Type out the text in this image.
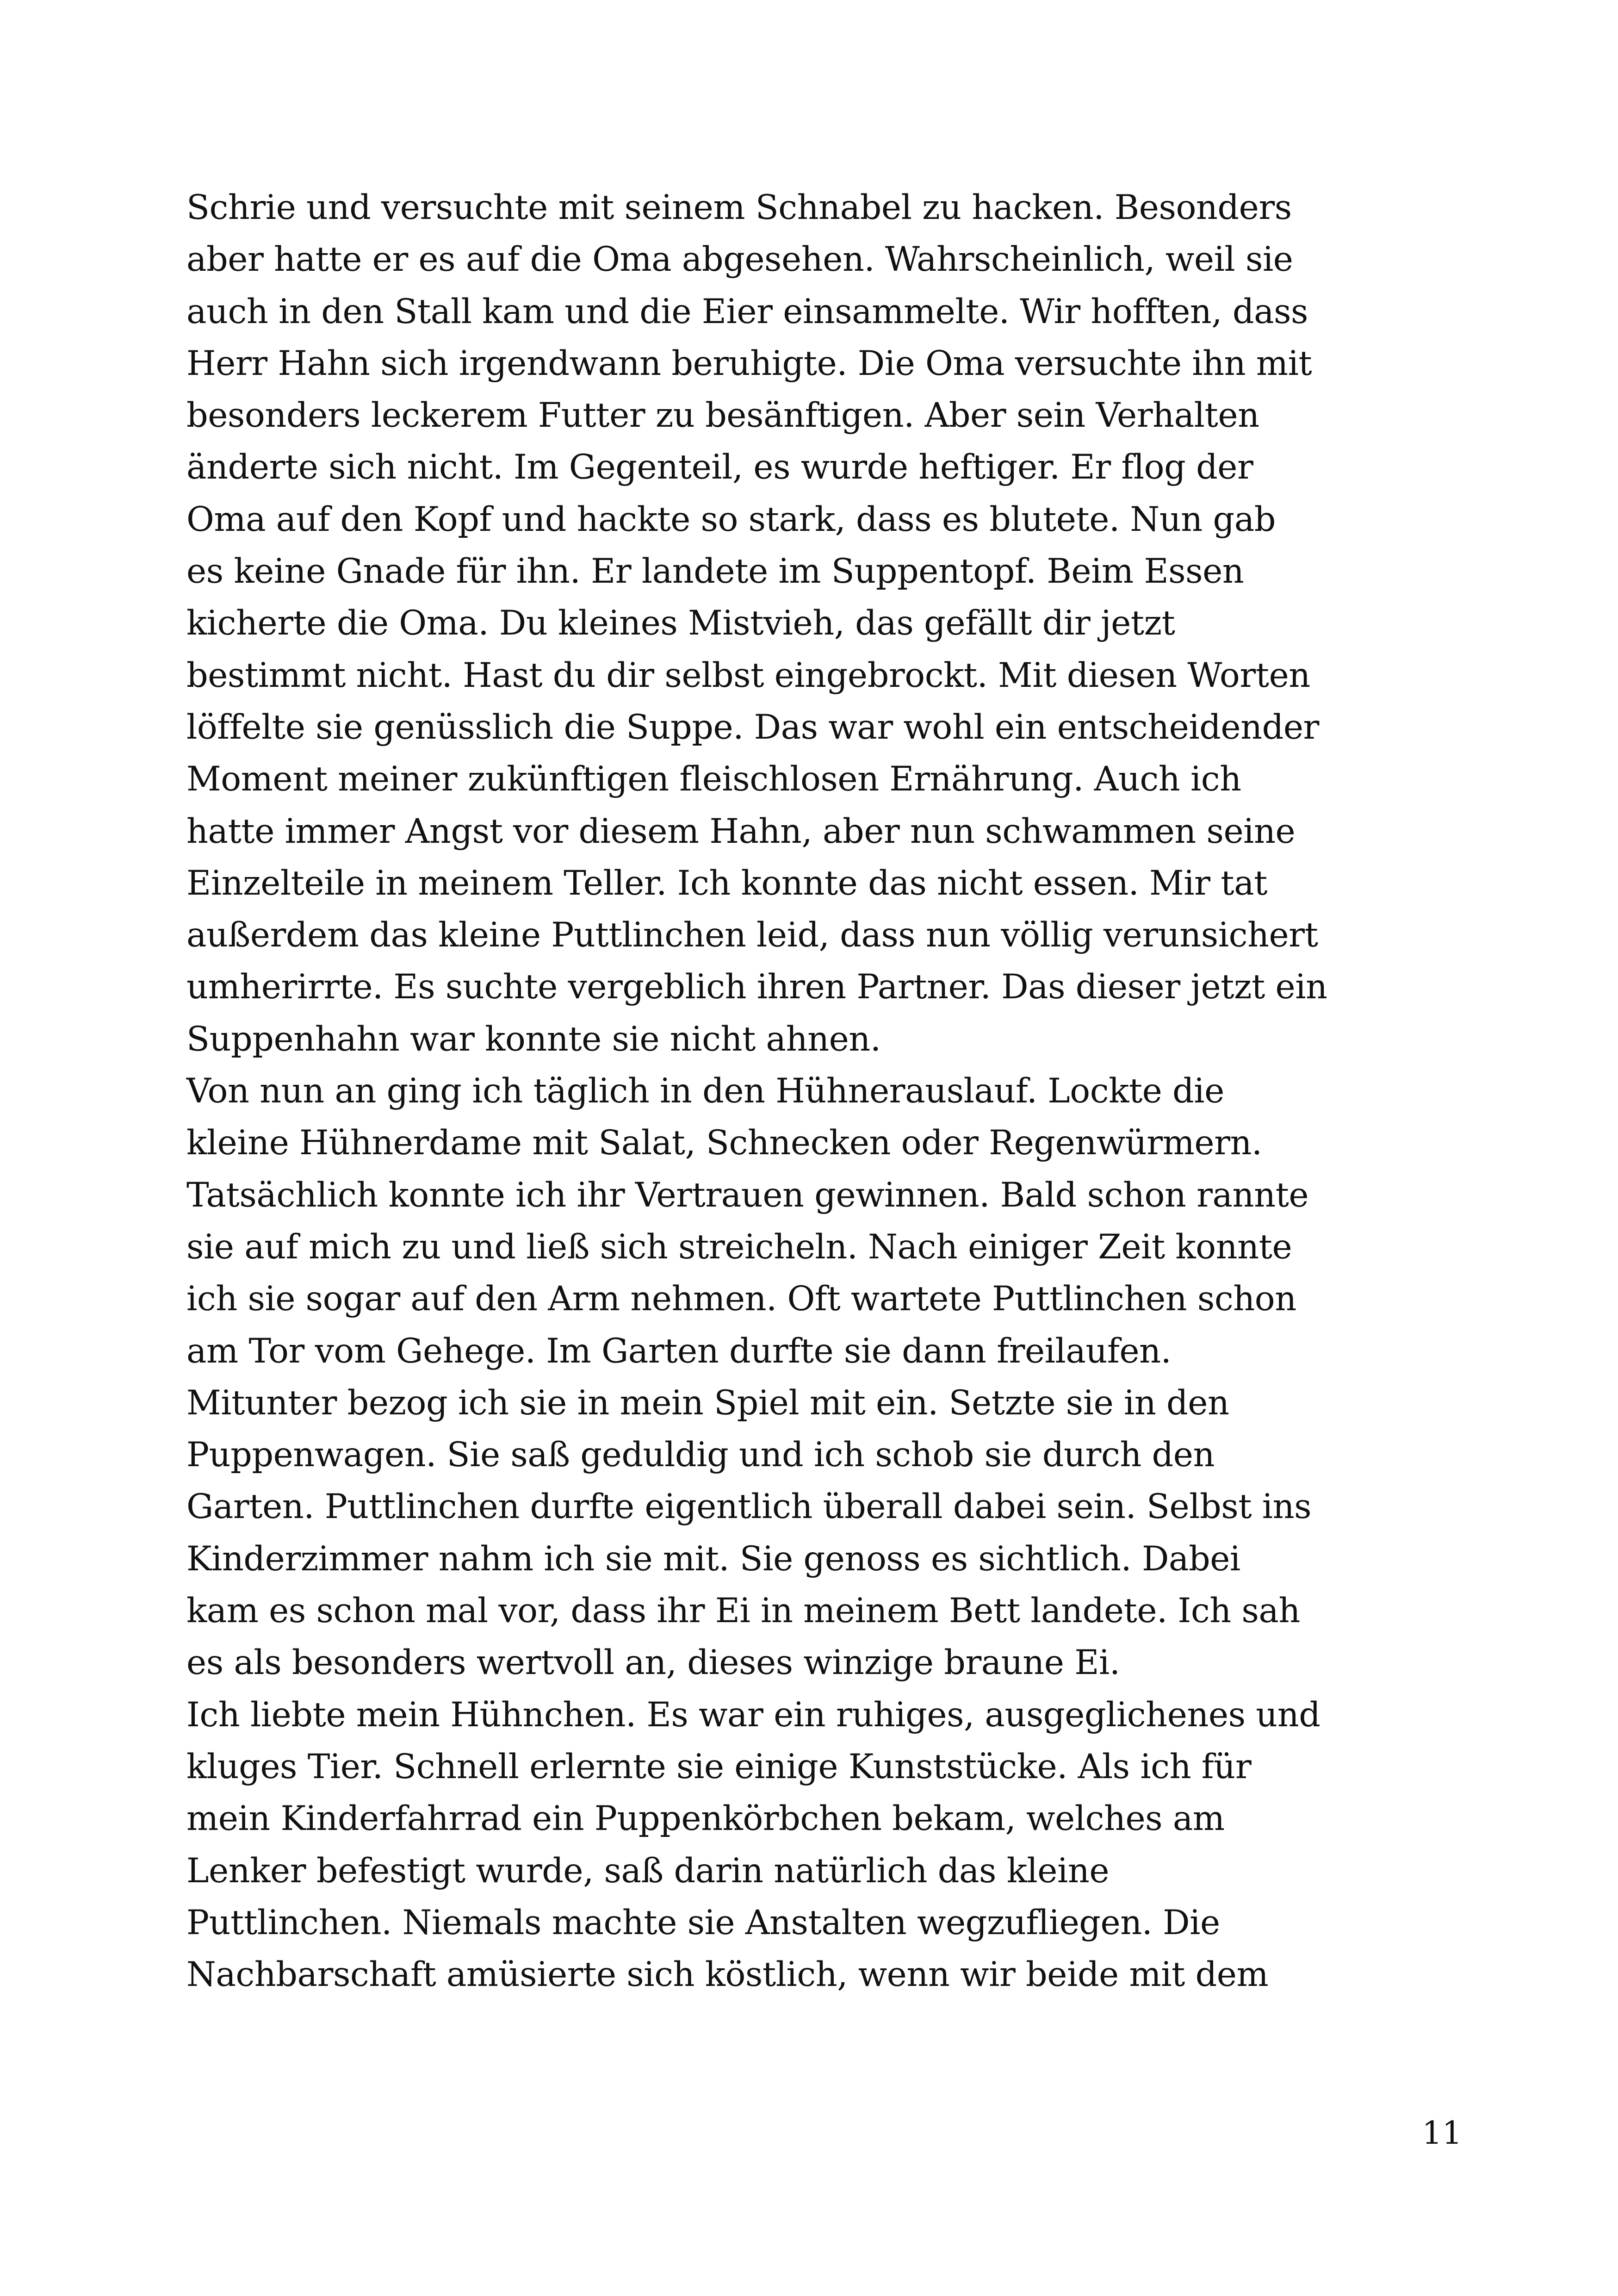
Schrie und versuchte mit seinem Schnabel zu hacken. Besonders
aber hatte er es auf die Oma abgesehen. Wahrscheinlich, weil sie
auch in den Stall kam und die Eier einsammelte. Wir hofften, dass
Herr Hahn sich irgendwann beruhigte. Die Oma versuchte ihn mit
besonders leckerem Futter zu besänftigen. Aber sein Verhalten
änderte sich nicht. Im Gegenteil, es wurde heftiger. Er flog der
Oma auf den Kopf und hackte so stark, dass es blutete. Nun gab
es keine Gnade für ihn. Er landete im Suppentopf. Beim Essen
kicherte die Oma. Du kleines Mistvieh, das gefällt dir jetzt
bestimmt nicht. Hast du dir selbst eingebrockt. Mit diesen Worten
löffelte sie genüsslich die Suppe. Das war wohl ein entscheidender
Moment meiner zukünftigen fleischlosen Ernährung. Auch ich
hatte immer Angst vor diesem Hahn, aber nun schwammen seine
Einzelteile in meinem Teller. Ich konnte das nicht essen. Mir tat
außerdem das kleine Puttlinchen leid, dass nun völlig verunsichert
umherirrte. Es suchte vergeblich ihren Partner. Das dieser jetzt ein
Suppenhahn war konnte sie nicht ahnen.
Von nun an ging ich täglich in den Hühnerauslauf. Lockte die
kleine Hühnerdame mit Salat, Schnecken oder Regenwürmern.
Tatsächlich konnte ich ihr Vertrauen gewinnen. Bald schon rannte
sie auf mich zu und ließ sich streicheln. Nach einiger Zeit konnte
ich sie sogar auf den Arm nehmen. Oft wartete Puttlinchen schon
am Tor vom Gehege. Im Garten durfte sie dann freilaufen.
Mitunter bezog ich sie in mein Spiel mit ein. Setzte sie in den
Puppenwagen. Sie saß geduldig und ich schob sie durch den
Garten. Puttlinchen durfte eigentlich überall dabei sein. Selbst ins
Kinderzimmer nahm ich sie mit. Sie genoss es sichtlich. Dabei
kam es schon mal vor, dass ihr Ei in meinem Bett landete. Ich sah
es als besonders wertvoll an, dieses winzige braune Ei.
Ich liebte mein Hühnchen. Es war ein ruhiges, ausgeglichenes und
kluges Tier. Schnell erlernte sie einige Kunststücke. Als ich für
mein Kinderfahrrad ein Puppenkörbchen bekam, welches am
Lenker befestigt wurde, saß darin natürlich das kleine
Puttlinchen. Niemals machte sie Anstalten wegzufliegen. Die
Nachbarschaft amüsierte sich köstlich, wenn wir beide mit dem
11
